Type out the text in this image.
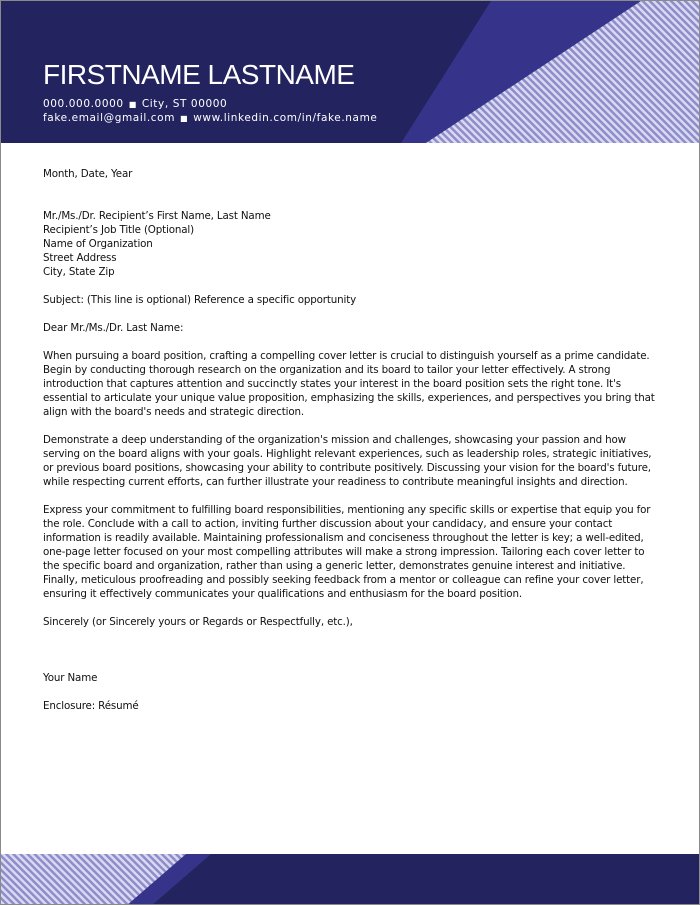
FIRSTNAME LASTNAME
000.000.0000 ■ City, ST 00000
fake.email@gmail.com ■ www.linkedin.com/in/fake.name

Month, Date, Year

Mr./Ms./Dr. Recipient’s First Name, Last Name

Recipient’s Job Title (Optional)

Name of Organization

Street Address

City, State Zip

Subject: (This line is optional) Reference a specific opportunity

Dear Mr./Ms./Dr. Last Name:

When pursuing a board position, crafting a compelling cover letter is crucial to distinguish yourself as a prime candidate. Begin by conducting thorough research on the organization and its board to tailor your letter effectively. A strong introduction that captures attention and succinctly states your interest in the board position sets the right tone. It's essential to articulate your unique value proposition, emphasizing the skills, experiences, and perspectives you bring that align with the board's needs and strategic direction.

Demonstrate a deep understanding of the organization's mission and challenges, showcasing your passion and how serving on the board aligns with your goals. Highlight relevant experiences, such as leadership roles, strategic initiatives, or previous board positions, showcasing your ability to contribute positively. Discussing your vision for the board's future, while respecting current efforts, can further illustrate your readiness to contribute meaningful insights and direction.

Express your commitment to fulfilling board responsibilities, mentioning any specific skills or expertise that equip you for the role. Conclude with a call to action, inviting further discussion about your candidacy, and ensure your contact information is readily available. Maintaining professionalism and conciseness throughout the letter is key; a well-edited, one-page letter focused on your most compelling attributes will make a strong impression. Tailoring each cover letter to the specific board and organization, rather than using a generic letter, demonstrates genuine interest and initiative. Finally, meticulous proofreading and possibly seeking feedback from a mentor or colleague can refine your cover letter, ensuring it effectively communicates your qualifications and enthusiasm for the board position.

Sincerely (or Sincerely yours or Regards or Respectfully, etc.),

Your Name

Enclosure: Résumé
